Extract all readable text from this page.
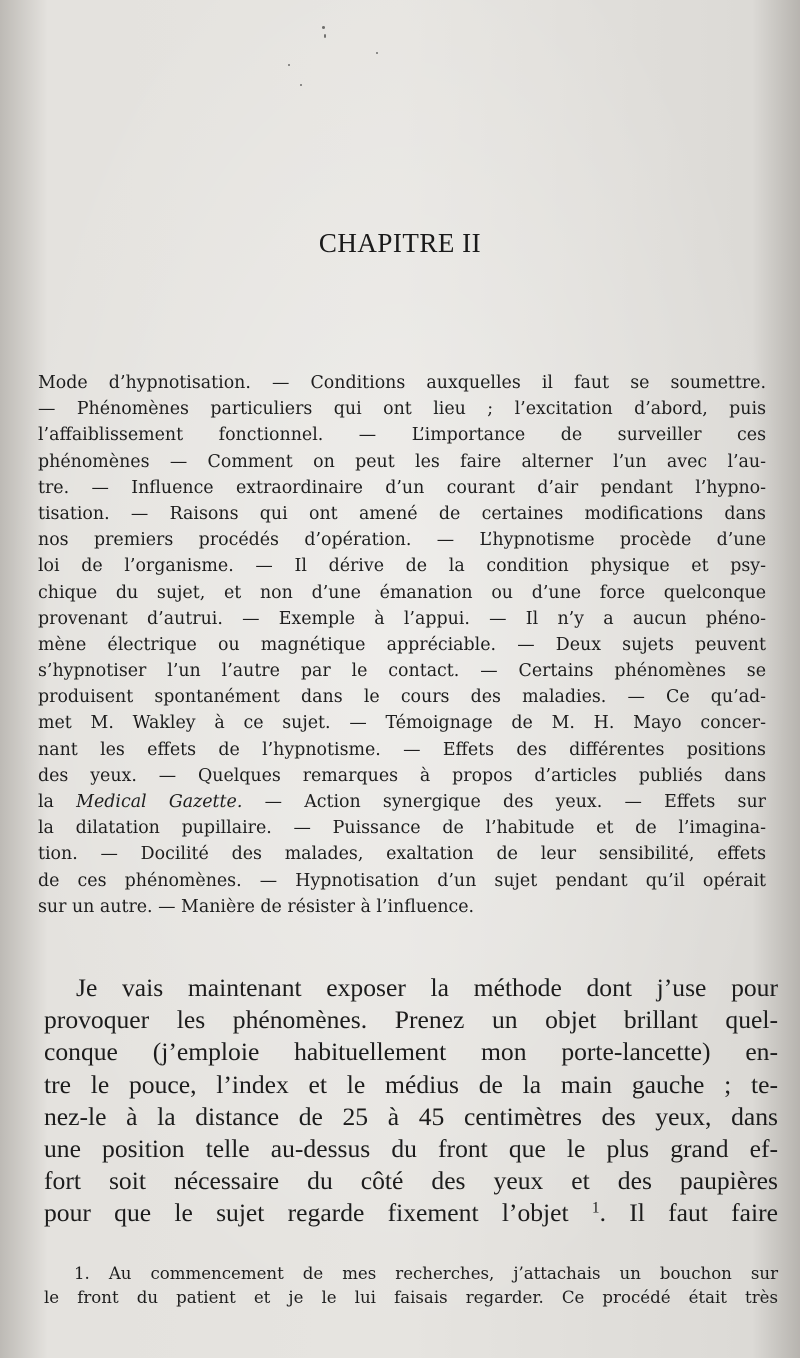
CHAPITRE II
Mode d’hypnotisation. — Conditions auxquelles il faut se soumettre.
— Phénomènes particuliers qui ont lieu ; l’excitation d’abord, puis
l’affaiblissement fonctionnel. — L’importance de surveiller ces
phénomènes — Comment on peut les faire alterner l’un avec l’au-
tre. — Influence extraordinaire d’un courant d’air pendant l’hypno-
tisation. — Raisons qui ont amené de certaines modifications dans
nos premiers procédés d’opération. — L’hypnotisme procède d’une
loi de l’organisme. — Il dérive de la condition physique et psy-
chique du sujet, et non d’une émanation ou d’une force quelconque
provenant d’autrui. — Exemple à l’appui. — Il n’y a aucun phéno-
mène électrique ou magnétique appréciable. — Deux sujets peuvent
s’hypnotiser l’un l’autre par le contact. — Certains phénomènes se
produisent spontanément dans le cours des maladies. — Ce qu’ad-
met M. Wakley à ce sujet. — Témoignage de M. H. Mayo concer-
nant les effets de l’hypnotisme. — Effets des différentes positions
des yeux. — Quelques remarques à propos d’articles publiés dans
la Medical Gazette. — Action synergique des yeux. — Effets sur
la dilatation pupillaire. — Puissance de l’habitude et de l’imagina-
tion. — Docilité des malades, exaltation de leur sensibilité, effets
de ces phénomènes. — Hypnotisation d’un sujet pendant qu’il opérait
sur un autre. — Manière de résister à l’influence.
Je vais maintenant exposer la méthode dont j’use pour
provoquer les phénomènes. Prenez un objet brillant quel-
conque (j’emploie habituellement mon porte-lancette) en-
tre le pouce, l’index et le médius de la main gauche ; te-
nez-le à la distance de 25 à 45 centimètres des yeux, dans
une position telle au-dessus du front que le plus grand ef-
fort soit nécessaire du côté des yeux et des paupières
pour que le sujet regarde fixement l’objet $^1$. Il faut faire
1. Au commencement de mes recherches, j’attachais un bouchon sur
le front du patient et je le lui faisais regarder. Ce procédé était très
